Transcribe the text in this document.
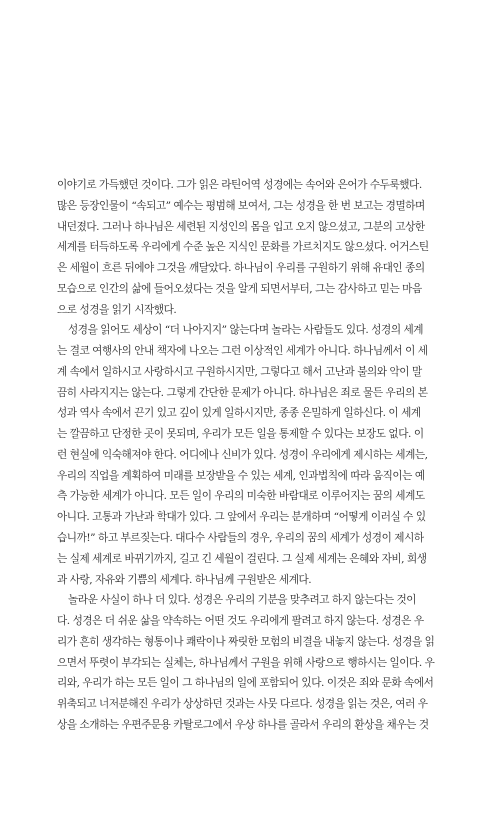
이야기로 가득했던 것이다. 그가 읽은 라틴어역 성경에는 속어와 은어가 수두룩했다.
많은 등장인물이 “속되고” 예수는 평범해 보여서, 그는 성경을 한 번 보고는 경멸하며
내던졌다. 그러나 하나님은 세련된 지성인의 몸을 입고 오지 않으셨고, 그분의 고상한
세계를 터득하도록 우리에게 수준 높은 지식인 문화를 가르치지도 않으셨다. 어거스틴
은 세월이 흐른 뒤에야 그것을 깨달았다. 하나님이 우리를 구원하기 위해 유대인 종의
모습으로 인간의 삶에 들어오셨다는 것을 알게 되면서부터, 그는 감사하고 믿는 마음
으로 성경을 읽기 시작했다.
성경을 읽어도 세상이 “더 나아지지” 않는다며 놀라는 사람들도 있다. 성경의 세계
는 결코 여행사의 안내 책자에 나오는 그런 이상적인 세계가 아니다. 하나님께서 이 세
계 속에서 일하시고 사랑하시고 구원하시지만, 그렇다고 해서 고난과 불의와 악이 말
끔히 사라지지는 않는다. 그렇게 간단한 문제가 아니다. 하나님은 죄로 물든 우리의 본
성과 역사 속에서 끈기 있고 깊이 있게 일하시지만, 종종 은밀하게 일하신다. 이 세계
는 깔끔하고 단정한 곳이 못되며, 우리가 모든 일을 통제할 수 있다는 보장도 없다. 이
런 현실에 익숙해져야 한다. 어디에나 신비가 있다. 성경이 우리에게 제시하는 세계는,
우리의 직업을 계획하여 미래를 보장받을 수 있는 세계, 인과법칙에 따라 움직이는 예
측 가능한 세계가 아니다. 모든 일이 우리의 미숙한 바람대로 이루어지는 꿈의 세계도
아니다. 고통과 가난과 학대가 있다. 그 앞에서 우리는 분개하며 “어떻게 이러실 수 있
습니까!” 하고 부르짖는다. 대다수 사람들의 경우, 우리의 꿈의 세계가 성경이 제시하
는 실제 세계로 바뀌기까지, 길고 긴 세월이 걸린다. 그 실제 세계는 은혜와 자비, 희생
과 사랑, 자유와 기쁨의 세계다. 하나님께 구원받은 세계다.
놀라운 사실이 하나 더 있다. 성경은 우리의 기분을 맞추려고 하지 않는다는 것이
다. 성경은 더 쉬운 삶을 약속하는 어떤 것도 우리에게 팔려고 하지 않는다. 성경은 우
리가 흔히 생각하는 형통이나 쾌락이나 짜릿한 모험의 비결을 내놓지 않는다. 성경을 읽
으면서 뚜렷이 부각되는 실체는, 하나님께서 구원을 위해 사랑으로 행하시는 일이다. 우
리와, 우리가 하는 모든 일이 그 하나님의 일에 포함되어 있다. 이것은 죄와 문화 속에서
위축되고 너저분해진 우리가 상상하던 것과는 사뭇 다르다. 성경을 읽는 것은, 여러 우
상을 소개하는 우편주문용 카탈로그에서 우상 하나를 골라서 우리의 환상을 채우는 것
